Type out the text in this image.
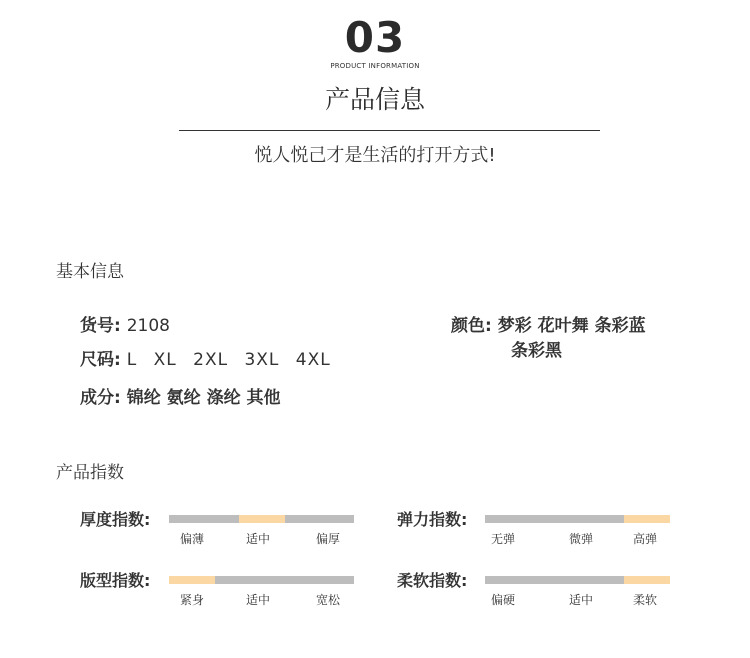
03
PRODUCT INFORMATION
产品信息
悦人悦己才是生活的打开方式!
基本信息
货号: 2108
尺码: L XL 2XL 3XL 4XL
成分: 锦纶 氨纶 涤纶 其他
颜色: 梦彩 花叶舞 条彩蓝
条彩黑
产品指数
厚度指数:
偏薄	适中	偏厚
弹力指数:
无弹	微弹	高弹
版型指数:
紧身	适中	宽松
柔软指数:
偏硬	适中	柔软
